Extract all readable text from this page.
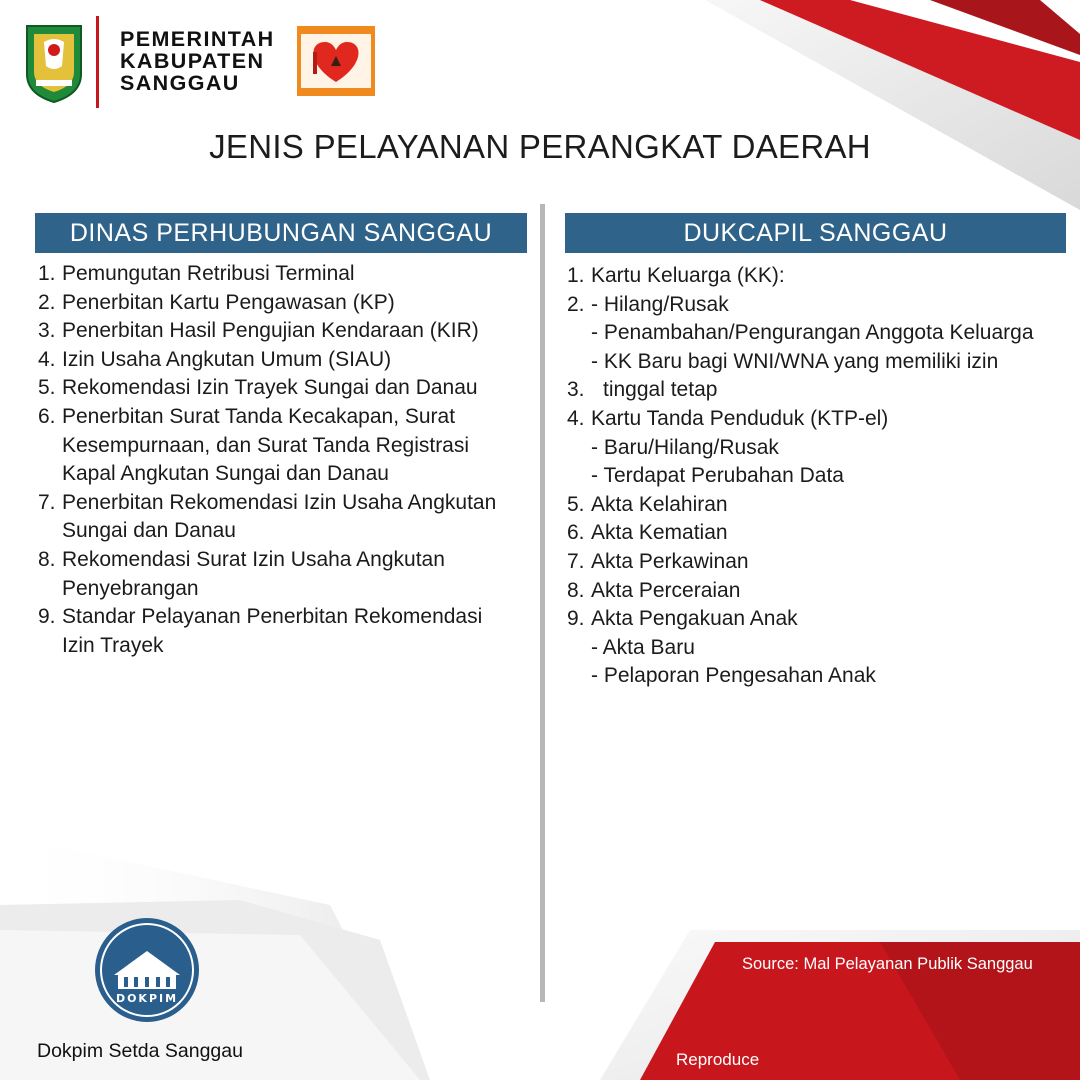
PEMERINTAH
KABUPATEN
SANGGAU
JENIS PELAYANAN PERANGKAT DAERAH
DINAS PERHUBUNGAN SANGGAU
1. Pemungutan Retribusi Terminal
2. Penerbitan Kartu Pengawasan (KP)
3. Penerbitan Hasil Pengujian Kendaraan (KIR)
4. Izin Usaha Angkutan Umum (SIAU)
5. Rekomendasi Izin Trayek Sungai dan Danau
6. Penerbitan Surat Tanda Kecakapan, Surat
Kesempurnaan, dan Surat Tanda Registrasi
Kapal Angkutan Sungai dan Danau
7. Penerbitan Rekomendasi Izin Usaha Angkutan
Sungai dan Danau
8. Rekomendasi Surat Izin Usaha Angkutan
Penyebrangan
9. Standar Pelayanan Penerbitan Rekomendasi
Izin Trayek
DUKCAPIL SANGGAU
1. Kartu Keluarga (KK):
2. - Hilang/Rusak
- Penambahan/Pengurangan Anggota Keluarga
- KK Baru bagi WNI/WNA yang memiliki izin
3. tinggal tetap
4. Kartu Tanda Penduduk (KTP-el)
- Baru/Hilang/Rusak
- Terdapat Perubahan Data
5. Akta Kelahiran
6. Akta Kematian
7. Akta Perkawinan
8. Akta Perceraian
9. Akta Pengakuan Anak
- Akta Baru
- Pelaporan Pengesahan Anak
DOKPIM
Dokpim Setda Sanggau
Source: Mal Pelayanan Publik Sanggau
Reproduce
